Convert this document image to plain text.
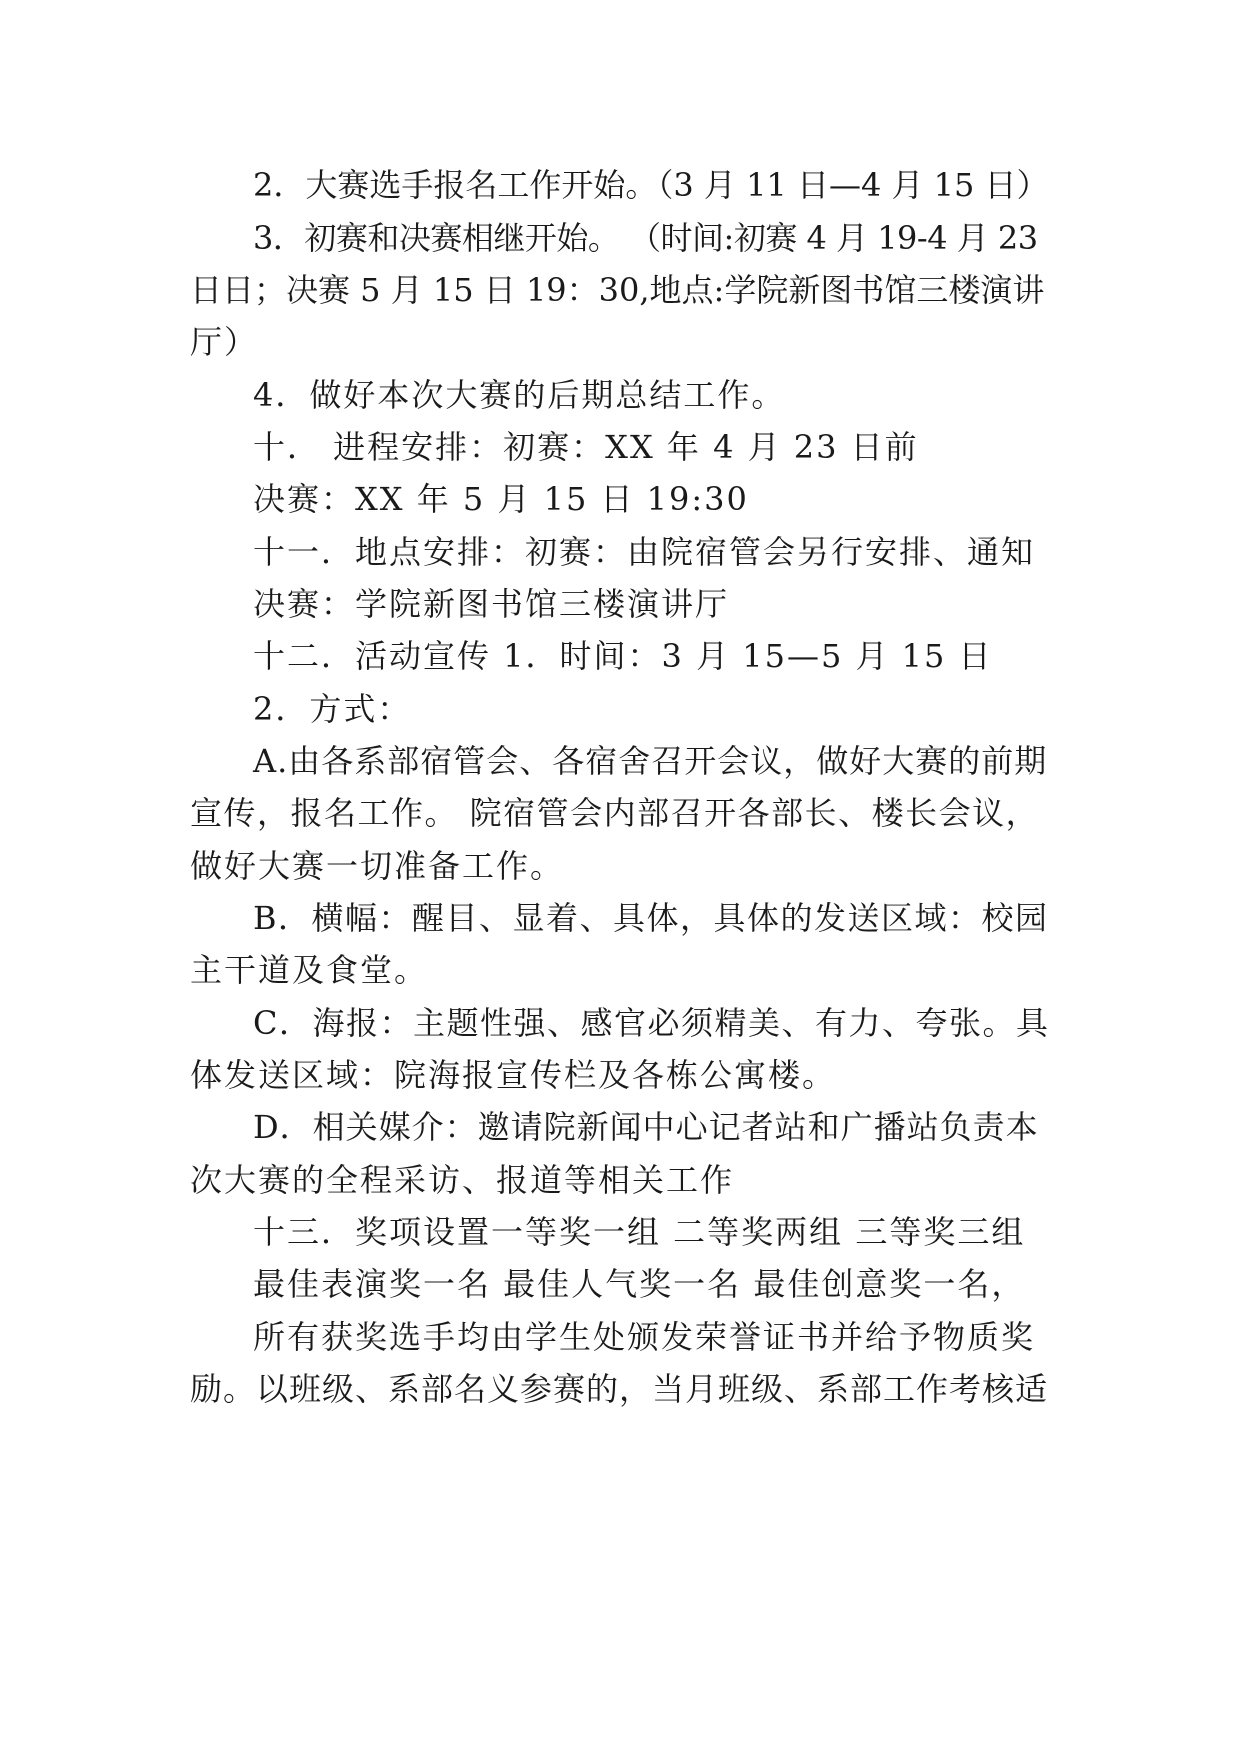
2．大赛选手报名工作开始。（3 月 11 日—4 月 15 日）
3．初赛和决赛相继开始。 （时间:初赛 4 月 19-4 月 23
日日；决赛 5 月 15 日 19：30,地点:学院新图书馆三楼演讲
厅）
4．做好本次大赛的后期总结工作。
十． 进程安排：初赛：XX 年 4 月 23 日前
决赛：XX 年 5 月 15 日 19:30
十一．地点安排：初赛：由院宿管会另行安排、通知
决赛：学院新图书馆三楼演讲厅
十二．活动宣传 1．时间：3 月 15—5 月 15 日
2．方式：
A.由各系部宿管会、各宿舍召开会议，做好大赛的前期
宣传，报名工作。 院宿管会内部召开各部长、楼长会议，
做好大赛一切准备工作。
B．横幅：醒目、显着、具体，具体的发送区域：校园
主干道及食堂。
C．海报：主题性强、感官必须精美、有力、夸张。具
体发送区域：院海报宣传栏及各栋公寓楼。
D．相关媒介：邀请院新闻中心记者站和广播站负责本
次大赛的全程采访、报道等相关工作
十三．奖项设置一等奖一组 二等奖两组 三等奖三组
最佳表演奖一名 最佳人气奖一名 最佳创意奖一名，
所有获奖选手均由学生处颁发荣誉证书并给予物质奖
励。以班级、系部名义参赛的，当月班级、系部工作考核适
